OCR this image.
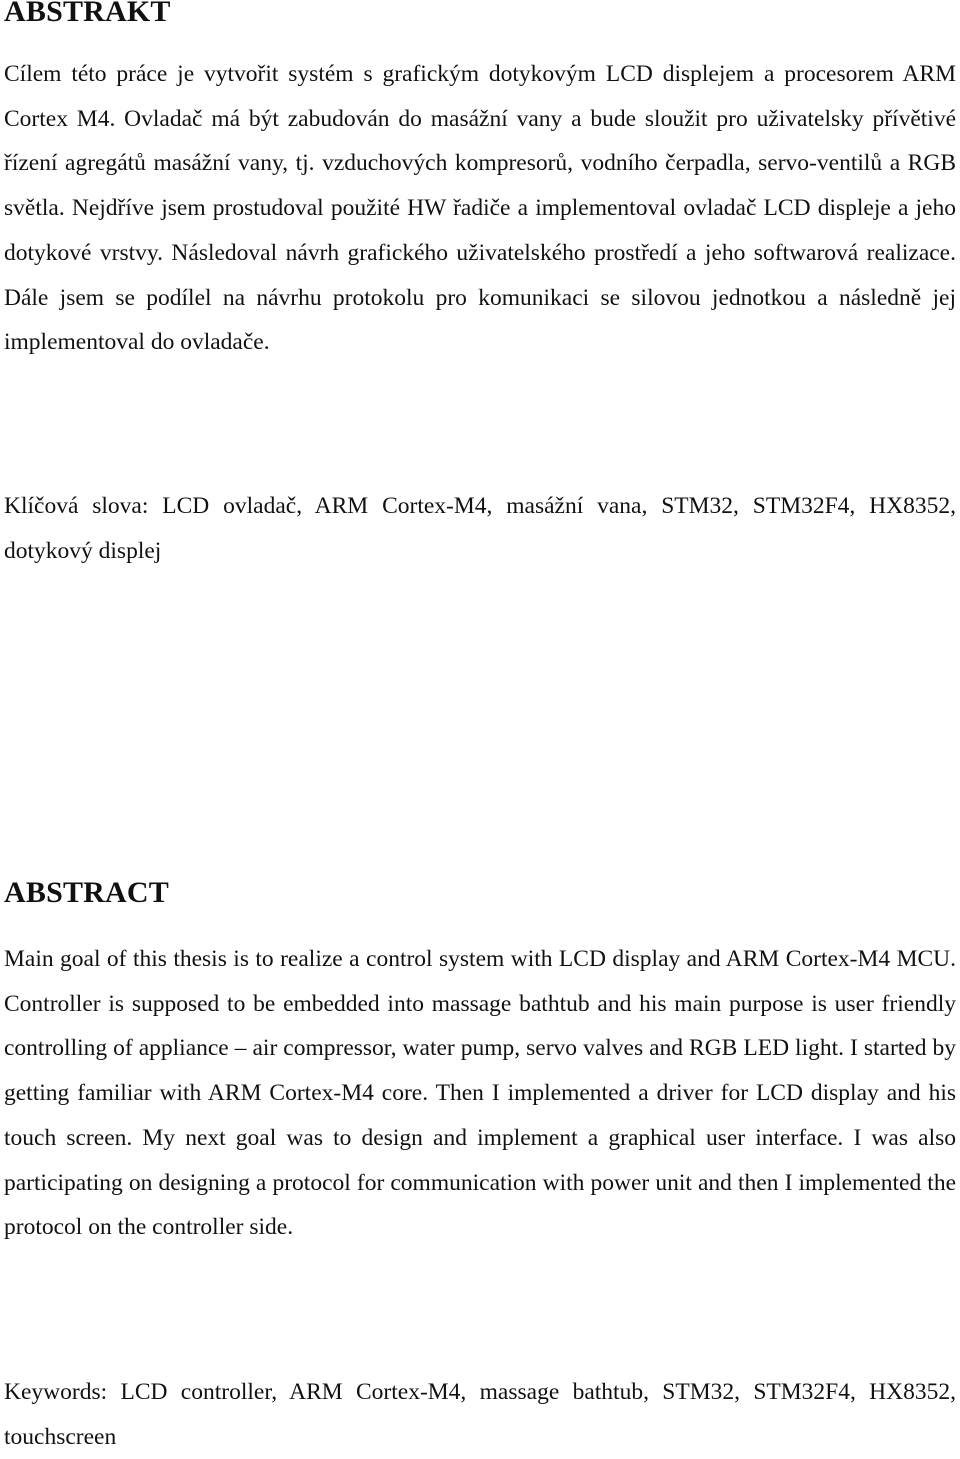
ABSTRAKT

Cílem této práce je vytvořit systém s grafickým dotykovým LCD displejem a procesorem ARM Cortex M4. Ovladač má být zabudován do masážní vany a bude sloužit pro uživatelsky přívětivé řízení agregátů masážní vany, tj. vzduchových kompresorů, vodního čerpadla, servo-ventilů a RGB světla. Nejdříve jsem prostudoval použité HW řadiče a implementoval ovladač LCD displeje a jeho dotykové vrstvy. Následoval návrh grafického uživatelského prostředí a jeho softwarová realizace. Dále jsem se podílel na návrhu protokolu pro komunikaci se silovou jednotkou a následně jej implementoval do ovladače.

Klíčová slova: LCD ovladač, ARM Cortex-M4, masážní vana, STM32, STM32F4, HX8352, dotykový displej

ABSTRACT

Main goal of this thesis is to realize a control system with LCD display and ARM Cortex-M4 MCU. Controller is supposed to be embedded into massage bathtub and his main purpose is user friendly controlling of appliance – air compressor, water pump, servo valves and RGB LED light. I started by getting familiar with ARM Cortex-M4 core. Then I implemented a driver for LCD display and his touch screen. My next goal was to design and implement a graphical user interface. I was also participating on designing a protocol for communication with power unit and then I implemented the protocol on the controller side.

Keywords: LCD controller, ARM Cortex-M4, massage bathtub, STM32, STM32F4, HX8352, touchscreen
